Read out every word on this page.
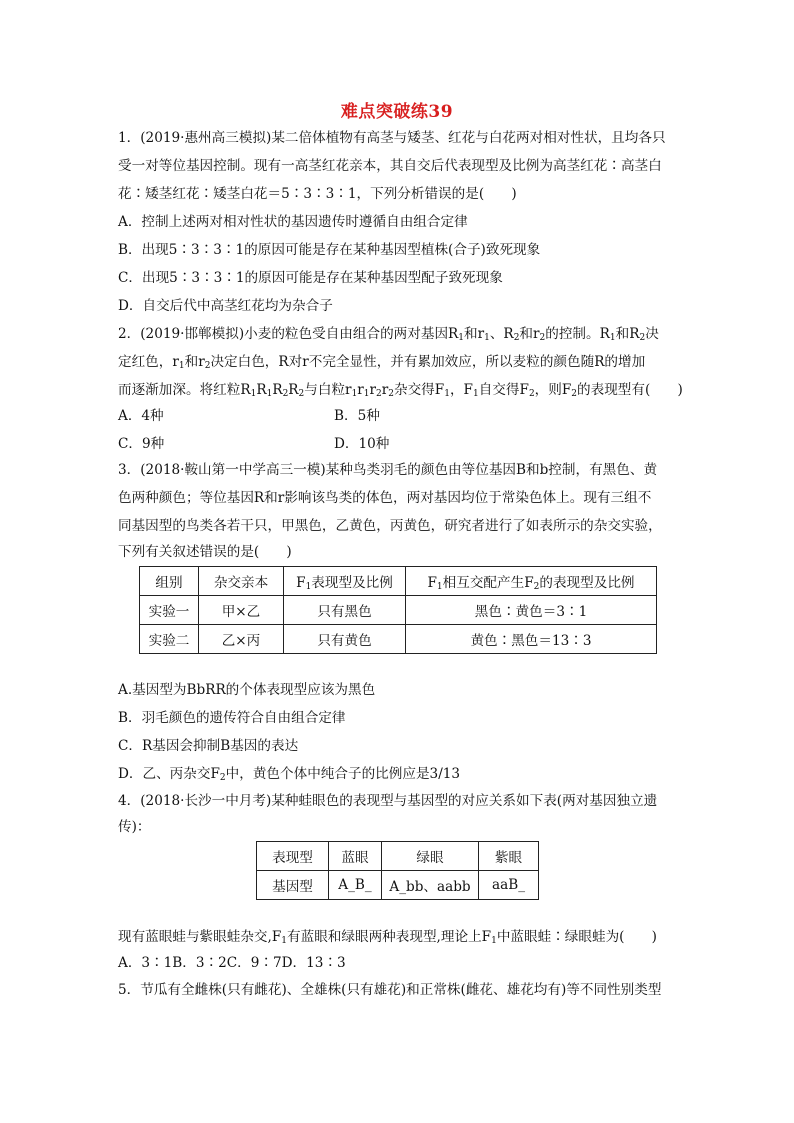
难点突破练39
1．(2019·惠州高三模拟)某二倍体植物有高茎与矮茎、红花与白花两对相对性状，且均各只
受一对等位基因控制。现有一高茎红花亲本，其自交后代表现型及比例为高茎红花∶高茎白
花∶矮茎红花∶矮茎白花＝5∶3∶3∶1，下列分析错误的是(　　)
A．控制上述两对相对性状的基因遗传时遵循自由组合定律
B．出现5∶3∶3∶1的原因可能是存在某种基因型植株(合子)致死现象
C．出现5∶3∶3∶1的原因可能是存在某种基因型配子致死现象
D．自交后代中高茎红花均为杂合子
2．(2019·邯郸模拟)小麦的粒色受自由组合的两对基因$R_1$和$r_1$、$R_2$和$r_2$的控制。$R_1$和$R_2$决
定红色，$r_1$和$r_2$决定白色，R对r不完全显性，并有累加效应，所以麦粒的颜色随R的增加
而逐渐加深。将红粒$R_1R_1R_2R_2$与白粒$r_1r_1r_2r_2$杂交得$F_1$，$F_1$自交得$F_2$，则$F_2$的表现型有(　　)
A．4种	B．5种
C．9种	D．10种
3．(2018·鞍山第一中学高三一模)某种鸟类羽毛的颜色由等位基因B和b控制，有黑色、黄
色两种颜色；等位基因R和r影响该鸟类的体色，两对基因均位于常染色体上。现有三组不
同基因型的鸟类各若干只，甲黑色，乙黄色，丙黄色，研究者进行了如表所示的杂交实验，
下列有关叙述错误的是(　　)
组别	杂交亲本	$F_1$表现型及比例	$F_1$相互交配产生$F_2$的表现型及比例
实验一	甲×乙	只有黑色	黑色∶黄色＝3∶1
实验二	乙×丙	只有黄色	黄色∶黑色＝13∶3
A.基因型为BbRR的个体表现型应该为黑色
B．羽毛颜色的遗传符合自由组合定律
C．R基因会抑制B基因的表达
D．乙、丙杂交$F_2$中，黄色个体中纯合子的比例应是3/13
4．(2018·长沙一中月考)某种蛙眼色的表现型与基因型的对应关系如下表(两对基因独立遗
传)：
表现型	蓝眼	绿眼	紫眼
基因型	A_B_	A_bb、aabb	aaB_
现有蓝眼蛙与紫眼蛙杂交$,F_1$有蓝眼和绿眼两种表现型,理论上$F_1$中蓝眼蛙∶绿眼蛙为(　　)
A．3∶1B．3∶2C．9∶7D．13∶3
5．节瓜有全雌株(只有雌花)、全雄株(只有雄花)和正常株(雌花、雄花均有)等不同性别类型
